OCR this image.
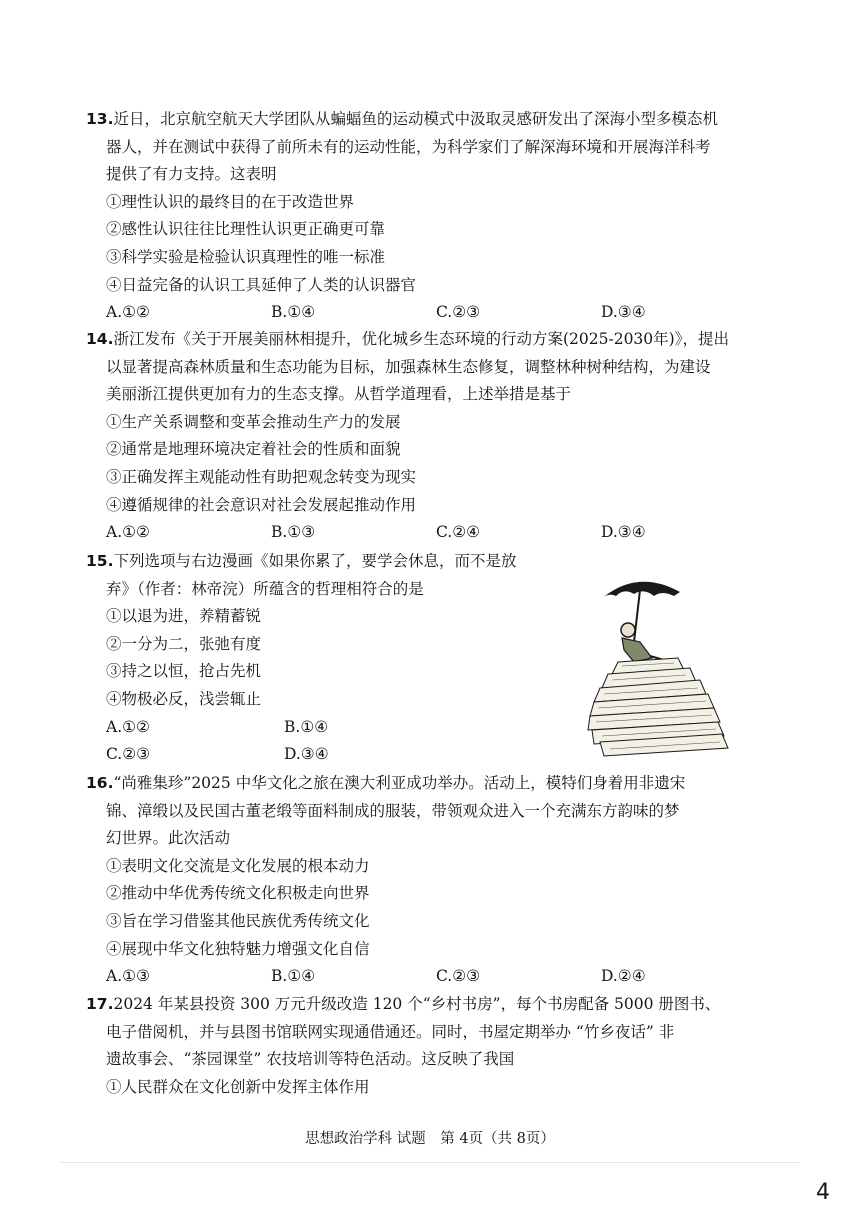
13.近日，北京航空航天大学团队从蝙蝠鱼的运动模式中汲取灵感研发出了深海小型多模态机
器人，并在测试中获得了前所未有的运动性能，为科学家们了解深海环境和开展海洋科考
提供了有力支持。这表明
①理性认识的最终目的在于改造世界
②感性认识往往比理性认识更正确更可靠
③科学实验是检验认识真理性的唯一标准
④日益完备的认识工具延伸了人类的认识器官
A.①②	B.①④	C.②③	D.③④
14.浙江发布《关于开展美丽林相提升，优化城乡生态环境的行动方案(2025-2030年)》，提出
以显著提高森林质量和生态功能为目标，加强森林生态修复，调整林种树种结构，为建设
美丽浙江提供更加有力的生态支撑。从哲学道理看，上述举措是基于
①生产关系调整和变革会推动生产力的发展
②通常是地理环境决定着社会的性质和面貌
③正确发挥主观能动性有助把观念转变为现实
④遵循规律的社会意识对社会发展起推动作用
A.①②	B.①③	C.②④	D.③④
15.下列选项与右边漫画《如果你累了，要学会休息，而不是放
弃》（作者：林帝浣）所蕴含的哲理相符合的是
①以退为进，养精蓄锐
②一分为二，张弛有度
③持之以恒，抢占先机
④物极必反，浅尝辄止
A.①②	B.①④
C.②③	D.③④
16.“尚雅集珍”2025 中华文化之旅在澳大利亚成功举办。活动上，模特们身着用非遗宋
锦、漳缎以及民国古董老缎等面料制成的服装，带领观众进入一个充满东方韵味的梦
幻世界。此次活动
①表明文化交流是文化发展的根本动力
②推动中华优秀传统文化积极走向世界
③旨在学习借鉴其他民族优秀传统文化
④展现中华文化独特魅力增强文化自信
A.①③	B.①④	C.②③	D.②④
17.2024 年某县投资 300 万元升级改造 120 个“乡村书房”，每个书房配备 5000 册图书、
电子借阅机，并与县图书馆联网实现通借通还。同时，书屋定期举办 “竹乡夜话” 非
遗故事会、“茶园课堂” 农技培训等特色活动。这反映了我国
①人民群众在文化创新中发挥主体作用
思想政治学科 试题　第 4页（共 8页）
4
